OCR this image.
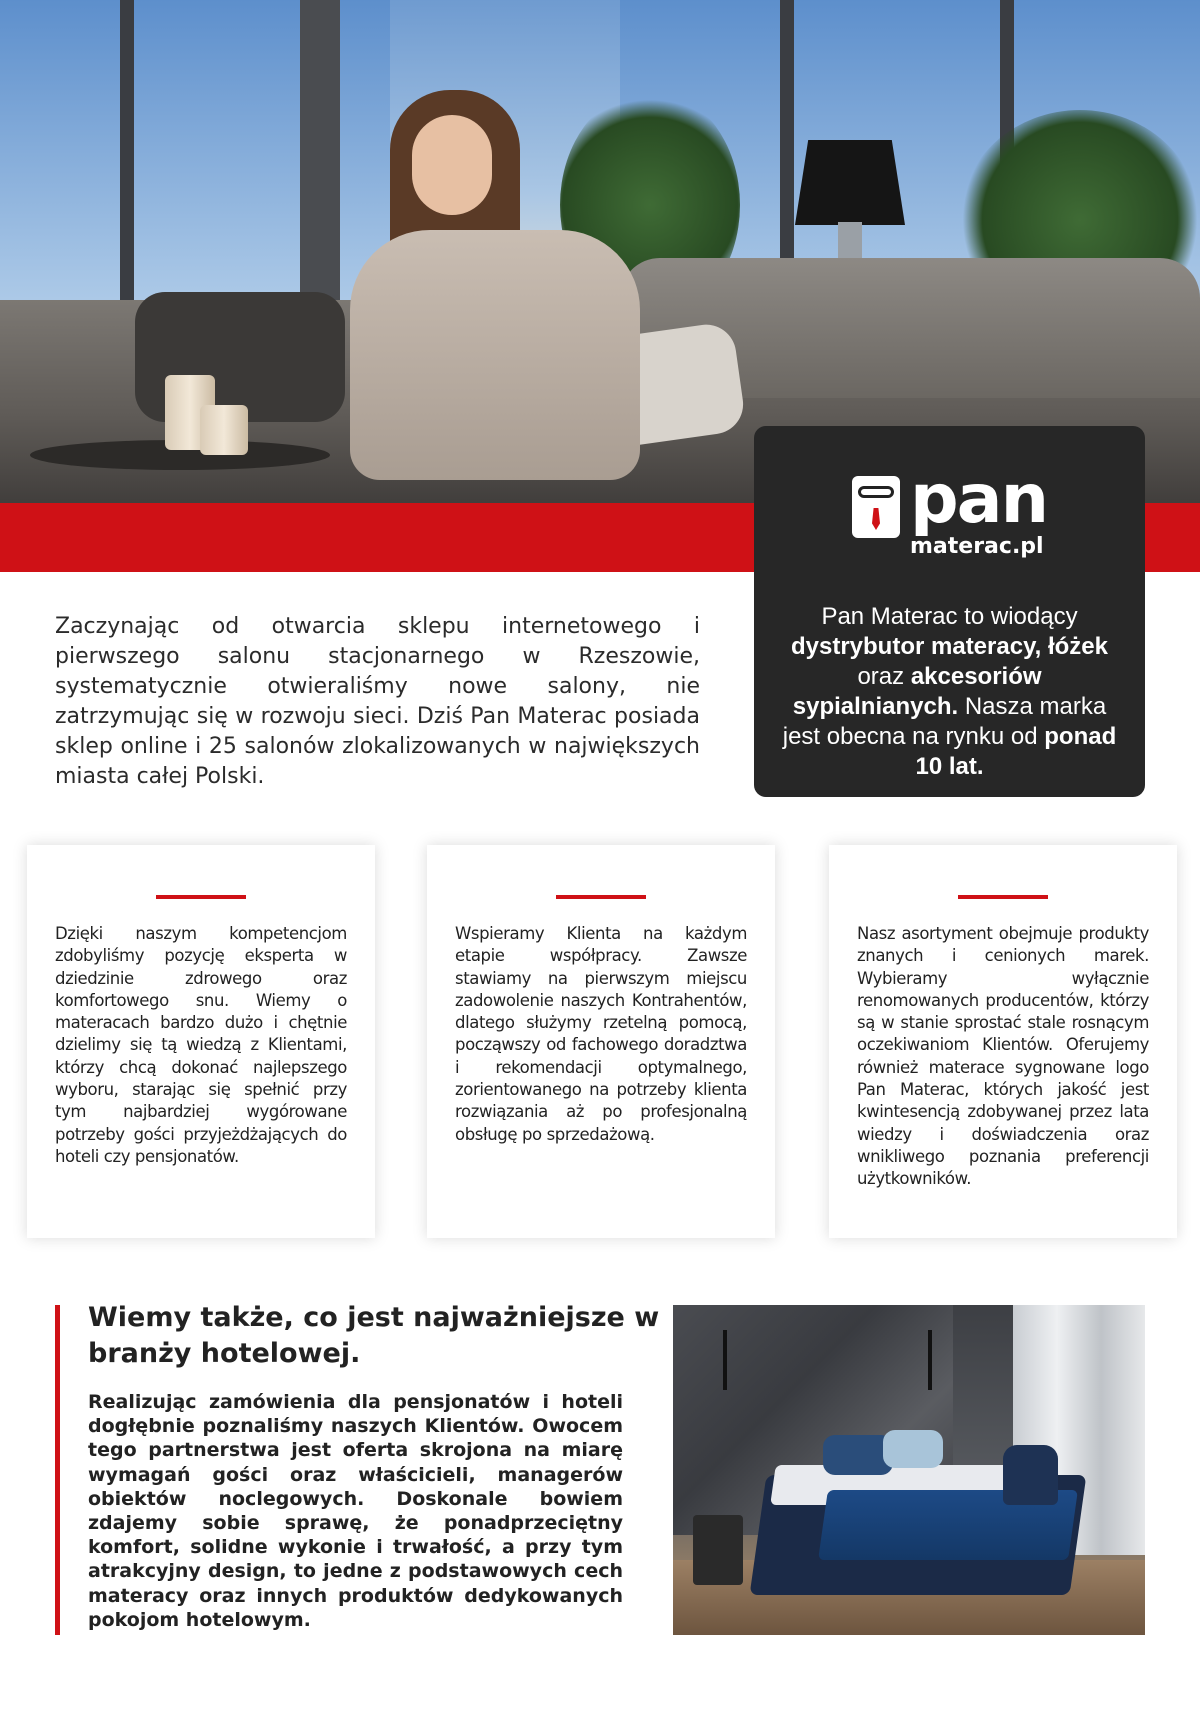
pan
materac.pl
Pan Materac to wiodący dystrybutor materacy, łóżek oraz akcesoriów sypialnianych. Nasza marka jest obecna na rynku od ponad 10 lat.

Zaczynając od otwarcia sklepu internetowego i pierwszego salonu stacjonarnego w Rzeszowie, systematycznie otwieraliśmy nowe salony, nie zatrzymując się w rozwoju sieci. Dziś Pan Materac posiada sklep online i 25 salonów zlokalizowanych w największych miasta całej Polski.

Dzięki naszym kompetencjom zdobyliśmy pozycję eksperta w dziedzinie zdrowego oraz komfortowego snu. Wiemy o materacach bardzo dużo i chętnie dzielimy się tą wiedzą z Klientami, którzy chcą dokonać najlepszego wyboru, starając się spełnić przy tym najbardziej wygórowane potrzeby gości przyjeżdżających do hoteli czy pensjonatów.

Wspieramy Klienta na każdym etapie współpracy. Zawsze stawiamy na pierwszym miejscu zadowolenie naszych Kontrahentów, dlatego służymy rzetelną pomocą, począwszy od fachowego doradztwa i rekomendacji optymalnego, zorientowanego na potrzeby klienta rozwiązania aż po profesjonalną obsługę po sprzedażową.

Nasz asortyment obejmuje produkty znanych i cenionych marek. Wybieramy wyłącznie renomowanych producentów, którzy są w stanie sprostać stale rosnącym oczekiwaniom Klientów. Oferujemy również materace sygnowane logo Pan Materac, których jakość jest kwintesencją zdobywanej przez lata wiedzy i doświadczenia oraz wnikliwego poznania preferencji użytkowników.

Wiemy także, co jest najważniejsze w branży hotelowej.

Realizując zamówienia dla pensjonatów i hoteli dogłębnie poznaliśmy naszych Klientów. Owocem tego partnerstwa jest oferta skrojona na miarę wymagań gości oraz właścicieli, managerów obiektów noclegowych. Doskonale bowiem zdajemy sobie sprawę, że ponadprzeciętny komfort, solidne wykonie i trwałość, a przy tym atrakcyjny design, to jedne z podstawowych cech materacy oraz innych produktów dedykowanych pokojom hotelowym.
